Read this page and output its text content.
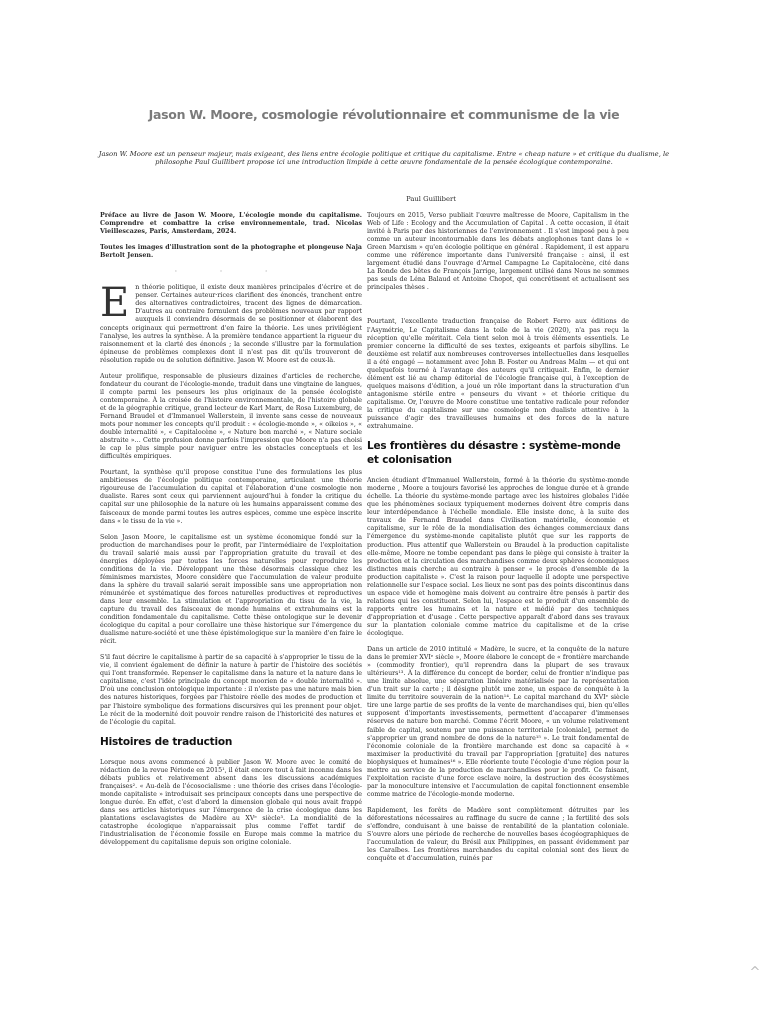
Jason W. Moore, cosmologie révolutionnaire et communisme de la vie

Jason W. Moore est un penseur majeur, mais exigeant, des liens entre écologie politique et critique du capitalisme. Entre « cheap nature » et critique du dualisme, le philosophe Paul Guillibert propose ici une introduction limpide à cette œuvre fondamentale de la pensée écologique contemporaine.

Paul Guillibert

Préface au livre de Jason W. Moore, L'écologie monde du capitalisme. Comprendre et combattre la crise environnementale, trad. Nicolas Vieillescazes, Paris, Amsterdam, 2024.

Toutes les images d'illustration sont de la photographe et plongeuse Naja Bertolt Jensen.

· · ·

En théorie politique, il existe deux manières principales d'écrire et de penser. Certaines auteur·rices clarifient des énoncés, tranchent entre des alternatives contradictoires, tracent des lignes de démarcation. D'autres au contraire formulent des problèmes nouveaux par rapport auxquels il conviendra désormais de se positionner et élaborent des concepts originaux qui permettront d'en faire la théorie. Les unes privilégient l'analyse, les autres la synthèse. À la première tendance appartient la rigueur du raisonnement et la clarté des énoncés ; la seconde s'illustre par la formulation épineuse de problèmes complexes dont il n'est pas dit qu'ils trouveront de résolution rapide ou de solution définitive. Jason W. Moore est de ceux-là.

Auteur prolifique, responsable de plusieurs dizaines d'articles de recherche, fondateur du courant de l'écologie-monde, traduit dans une vingtaine de langues, il compte parmi les penseurs les plus originaux de la pensée écologiste contemporaine. À la croisée de l'histoire environnementale, de l'histoire globale et de la géographie critique, grand lecteur de Karl Marx, de Rosa Luxemburg, de Fernand Braudel et d'Immanuel Wallerstein, il invente sans cesse de nouveaux mots pour nommer les concepts qu'il produit : « écologie-monde », « oikeios », « double internalité », « Capitalocène », « Nature bon marché », « Nature sociale abstraite »… Cette profusion donne parfois l'impression que Moore n'a pas choisi le cap le plus simple pour naviguer entre les obstacles conceptuels et les difficultés empiriques.

Pourtant, la synthèse qu'il propose constitue l'une des formulations les plus ambitieuses de l'écologie politique contemporaine, articulant une théorie rigoureuse de l'accumulation du capital et l'élaboration d'une cosmologie non dualiste. Rares sont ceux qui parviennent aujourd'hui à fonder la critique du capital sur une philosophie de la nature où les humains apparaissent comme des faisceaux de monde parmi toutes les autres espèces, comme une espèce inscrite dans « le tissu de la vie ».

Selon Jason Moore, le capitalisme est un système économique fondé sur la production de marchandises pour le profit, par l'intermédiaire de l'exploitation du travail salarié mais aussi par l'appropriation gratuite du travail et des énergies déployées par toutes les forces naturelles pour reproduire les conditions de la vie. Développant une thèse désormais classique chez les féminismes marxistes, Moore considère que l'accumulation de valeur produite dans la sphère du travail salarié serait impossible sans une appropriation non rémunérée et systématique des forces naturelles productives et reproductives dans leur ensemble. La stimulation et l'appropriation du tissu de la vie, la capture du travail des faisceaux de monde humains et extrahumains est la condition fondamentale du capitalisme. Cette thèse ontologique sur le devenir écologique du capital a pour corollaire une thèse historique sur l'émergence du dualisme nature-société et une thèse épistémologique sur la manière d'en faire le récit.

S'il faut décrire le capitalisme à partir de sa capacité à s'approprier le tissu de la vie, il convient également de définir la nature à partir de l'histoire des sociétés qui l'ont transformée. Repenser le capitalisme dans la nature et la nature dans le capitalisme, c'est l'idée principale du concept moorien de « double internalité ». D'où une conclusion ontologique importante : il n'existe pas une nature mais bien des natures historiques, forgées par l'histoire réelle des modes de production et par l'histoire symbolique des formations discursives qui les prennent pour objet. Le récit de la modernité doit pouvoir rendre raison de l'historicité des natures et de l'écologie du capital.

Histoires de traduction

Lorsque nous avons commencé à publier Jason W. Moore avec le comité de rédaction de la revue Période en 2015¹, il était encore tout à fait inconnu dans les débats publics et relativement absent dans les discussions académiques françaises². « Au-delà de l'écosocialisme : une théorie des crises dans l'écologie-monde capitaliste » introduisait ses principaux concepts dans une perspective de longue durée. En effet, c'est d'abord la dimension globale qui nous avait frappé dans ses articles historiques sur l'émergence de la crise écologique dans les plantations esclavagistes de Madère au XVᵉ siècle³. La mondialité de la catastrophe écologique n'apparaissait plus comme l'effet tardif de l'industrialisation de l'économie fossile en Europe mais comme la matrice du développement du capitalisme depuis son origine coloniale.

Toujours en 2015, Verso publiait l'œuvre maîtresse de Moore, Capitalism in the Web of Life : Ecology and the Accumulation of Capital . À cette occasion, il était invité à Paris par des historiennes de l'environnement . Il s'est imposé peu à peu comme un auteur incontournable dans les débats anglophones tant dans le « Green Marxism » qu'en écologie politique en général . Rapidement, il est apparu comme une référence importante dans l'université française : ainsi, il est largement étudié dans l'ouvrage d'Armel Campagne Le Capitalocène, cité dans La Ronde des bêtes de François Jarrige, largement utilisé dans Nous ne sommes pas seuls de Léna Balaud et Antoine Chopot, qui concrétisent et actualisent ses principales thèses .

Pourtant, l'excellente traduction française de Robert Ferro aux éditions de l'Asymétrie, Le Capitalisme dans la toile de la vie (2020), n'a pas reçu la réception qu'elle méritait. Cela tient selon moi à trois éléments essentiels. Le premier concerne la difficulté de ses textes, exigeants et parfois sibyllins. Le deuxième est relatif aux nombreuses controverses intellectuelles dans lesquelles il a été engagé — notamment avec John B. Foster ou Andreas Malm — et qui ont quelquefois tourné à l'avantage des auteurs qu'il critiquait. Enfin, le dernier élément est lié au champ éditorial de l'écologie française qui, à l'exception de quelques maisons d'édition, a joué un rôle important dans la structuration d'un antagonisme stérile entre « penseurs du vivant » et théorie critique du capitalisme. Or, l'œuvre de Moore constitue une tentative radicale pour refonder la critique du capitalisme sur une cosmologie non dualiste attentive à la puissance d'agir des travailleuses humains et des forces de la nature extrahumaine.

Les frontières du désastre : système-monde et colonisation

Ancien étudiant d'Immanuel Wallerstein, formé à la théorie du système-monde moderne , Moore a toujours favorisé les approches de longue durée et à grande échelle. La théorie du système-monde partage avec les histoires globales l'idée que les phénomènes sociaux typiquement modernes doivent être compris dans leur interdépendance à l'échelle mondiale. Elle insiste donc, à la suite des travaux de Fernand Braudel dans Civilisation matérielle, économie et capitalisme, sur le rôle de la mondialisation des échanges commerciaux dans l'émergence du système-monde capitaliste plutôt que sur les rapports de production. Plus attentif que Wallerstein ou Braudel à la production capitaliste elle-même, Moore ne tombe cependant pas dans le piège qui consiste à traiter la production et la circulation des marchandises comme deux sphères économiques distinctes mais cherche au contraire à penser « le procès d'ensemble de la production capitaliste ». C'est la raison pour laquelle il adopte une perspective relationnelle sur l'espace social. Les lieux ne sont pas des points discontinus dans un espace vide et homogène mais doivent au contraire être pensés à partir des relations qui les constituent. Selon lui, l'espace est le produit d'un ensemble de rapports entre les humains et la nature et médié par des techniques d'appropriation et d'usage . Cette perspective apparaît d'abord dans ses travaux sur la plantation coloniale comme matrice du capitalisme et de la crise écologique.

Dans un article de 2010 intitulé « Madère, le sucre, et la conquête de la nature dans le premier XVIᵉ siècle », Moore élabore le concept de « frontière marchande » (commodity frontier), qu'il reprendra dans la plupart de ses travaux ultérieurs¹³. À la différence du concept de border, celui de frontier n'indique pas une limite absolue, une séparation linéaire matérialisée par la représentation d'un trait sur la carte ; il désigne plutôt une zone, un espace de conquête à la limite du territoire souverain de la nation¹⁴. Le capital marchand du XVIᵉ siècle tire une large partie de ses profits de la vente de marchandises qui, bien qu'elles supposent d'importants investissements, permettent d'accaparer d'immenses réserves de nature bon marché. Comme l'écrit Moore, « un volume relativement faible de capital, soutenu par une puissance territoriale [coloniale], permet de s'approprier un grand nombre de dons de la nature¹⁵ ». Le trait fondamental de l'économie coloniale de la frontière marchande est donc sa capacité à « maximiser la productivité du travail par l'appropriation [gratuite] des natures biophysiques et humaines¹⁶ ». Elle réoriente toute l'écologie d'une région pour la mettre au service de la production de marchandises pour le profit. Ce faisant, l'exploitation raciste d'une force esclave noire, la destruction des écosystèmes par la monoculture intensive et l'accumulation de capital fonctionnent ensemble comme matrice de l'écologie-monde moderne.

Rapidement, les forêts de Madère sont complètement détruites par les déforestations nécessaires au raffinage du sucre de canne ; la fertilité des sols s'effondre, conduisant à une baisse de rentabilité de la plantation coloniale. S'ouvre alors une période de recherche de nouvelles bases écogéographiques de l'accumulation de valeur, du Brésil aux Philippines, en passant évidemment par les Caraïbes. Les frontières marchandes du capital colonial sont des lieux de conquête et d'accumulation, ruinés par

^
